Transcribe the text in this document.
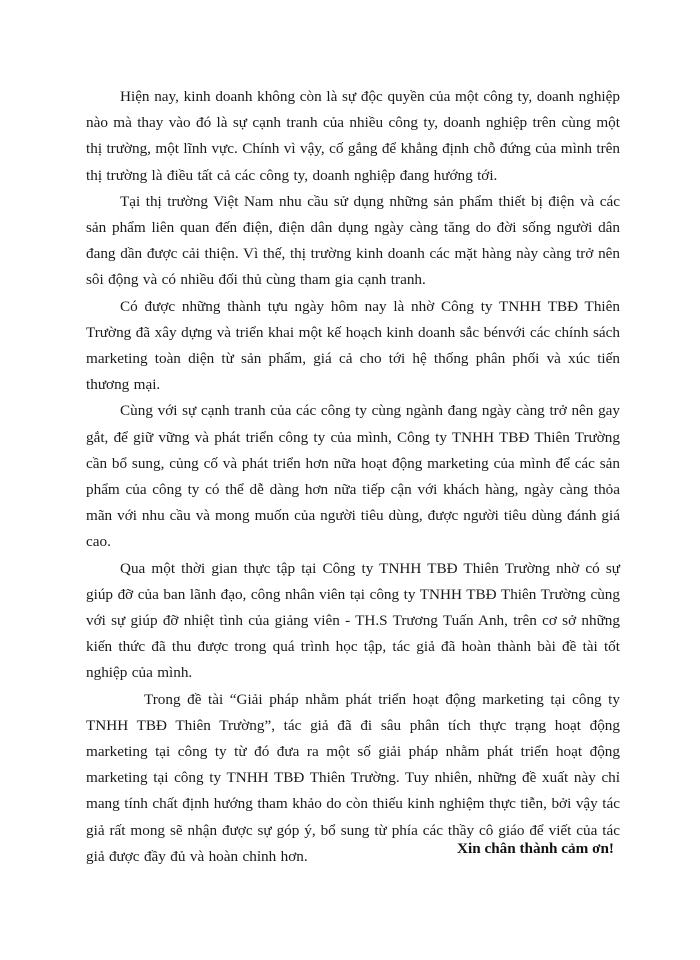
Hiện nay, kinh doanh không còn là sự độc quyền của một công ty, doanh nghiệp nào mà thay vào đó là sự cạnh tranh của nhiều công ty, doanh nghiệp trên cùng một thị trường, một lĩnh vực. Chính vì vậy, cố gắng để khẳng định chỗ đứng của mình trên thị trường là điều tất cả các công ty, doanh nghiệp đang hướng tới.

Tại thị trường Việt Nam nhu cầu sử dụng những sản phẩm thiết bị điện và các sản phẩm liên quan đến điện, điện dân dụng ngày càng tăng do đời sống người dân đang dần được cải thiện. Vì thế, thị trường kinh doanh các mặt hàng này càng trở nên sôi động và có nhiều đối thủ cùng tham gia cạnh tranh.

Có được những thành tựu ngày hôm nay là nhờ Công ty TNHH TBĐ Thiên Trường đã xây dựng và triển khai một kế hoạch kinh doanh sắc bénvới các chính sách marketing toàn diện từ sản phẩm, giá cả cho tới hệ thống phân phối và xúc tiến thương mại.

Cùng với sự cạnh tranh của các công ty cùng ngành đang ngày càng trở nên gay gắt, để giữ vững và phát triển công ty của mình, Công ty TNHH TBĐ Thiên Trường cần bổ sung, củng cố và phát triển hơn nữa hoạt động marketing của mình để các sản phẩm của công ty có thể dễ dàng hơn nữa tiếp cận với khách hàng, ngày càng thỏa mãn với nhu cầu và mong muốn của người tiêu dùng, được người tiêu dùng đánh giá cao.

Qua một thời gian thực tập tại Công ty TNHH TBĐ Thiên Trường nhờ có sự giúp đỡ của ban lãnh đạo, công nhân viên tại công ty TNHH TBĐ Thiên Trường cùng với sự giúp đỡ nhiệt tình của giảng viên - TH.S Trương Tuấn Anh, trên cơ sở những kiến thức đã thu được trong quá trình học tập, tác giả đã hoàn thành bài đề tài tốt nghiệp của mình.

Trong đề tài “Giải pháp nhằm phát triển hoạt động marketing tại công ty TNHH TBĐ Thiên Trường”, tác giả đã đi sâu phân tích thực trạng hoạt động marketing tại công ty từ đó đưa ra một số giải pháp nhằm phát triển hoạt động marketing tại công ty TNHH TBĐ Thiên Trường. Tuy nhiên, những đề xuất này chỉ mang tính chất định hướng tham khảo do còn thiếu kinh nghiệm thực tiễn, bởi vậy tác giả rất mong sẽ nhận được sự góp ý, bổ sung từ phía các thầy cô giáo để viết của tác giả được đầy đủ và hoàn chỉnh hơn.	Xin chân thành cảm ơn!
